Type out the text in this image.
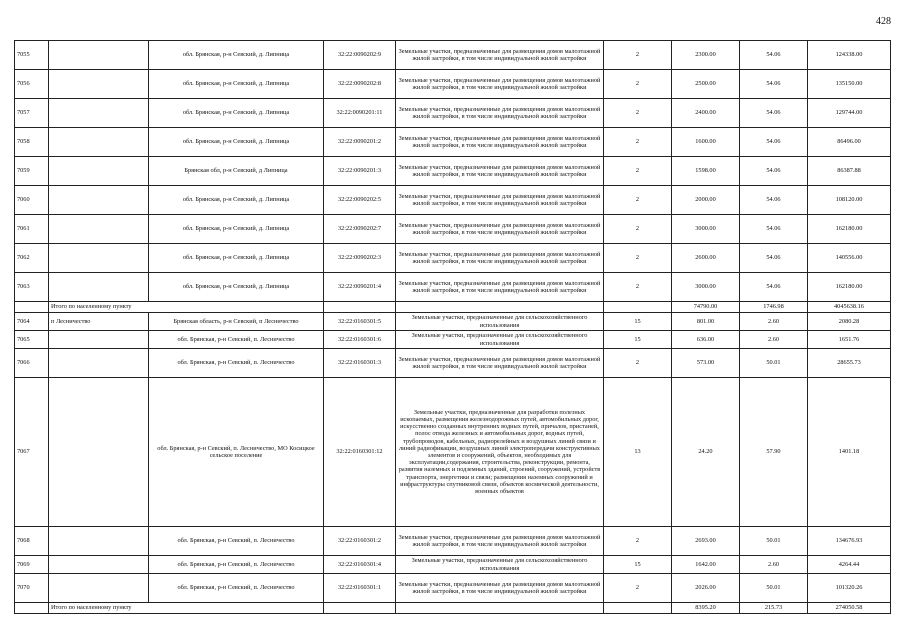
428
7055		обл. Брянская, р-н Севский, д. Липница	32:22:0090202:9	Земельные участки, предназначенные для размещения домов малоэтажной жилой застройки, в том числе индивидуальной жилой застройки	2	2300.00	54.06	124338.00
7056		обл. Брянская, р-н Севский, д. Липница	32:22:0090202:8	Земельные участки, предназначенные для размещения домов малоэтажной жилой застройки, в том числе индивидуальной жилой застройки	2	2500.00	54.06	135150.00
7057		обл. Брянская, р-н Севский, д. Липница	32:22:0090201:11	Земельные участки, предназначенные для размещения домов малоэтажной жилой застройки, в том числе индивидуальной жилой застройки	2	2400.00	54.06	129744.00
7058		обл. Брянская, р-н Севский, д. Липница	32:22:0090201:2	Земельные участки, предназначенные для размещения домов малоэтажной жилой застройки, в том числе индивидуальной жилой застройки	2	1600.00	54.06	86496.00
7059		Брянская обл, р-н Севский, д Липница	32:22:0090201:3	Земельные участки, предназначенные для размещения домов малоэтажной жилой застройки, в том числе индивидуальной жилой застройки	2	1598.00	54.06	86387.88
7060		обл. Брянская, р-н Севский, д. Липница	32:22:0090202:5	Земельные участки, предназначенные для размещения домов малоэтажной жилой застройки, в том числе индивидуальной жилой застройки	2	2000.00	54.06	108120.00
7061		обл. Брянская, р-н Севский, д. Липница	32:22:0090202:7	Земельные участки, предназначенные для размещения домов малоэтажной жилой застройки, в том числе индивидуальной жилой застройки	2	3000.00	54.06	162180.00
7062		обл. Брянская, р-н Севский, д. Липница	32:22:0090202:3	Земельные участки, предназначенные для размещения домов малоэтажной жилой застройки, в том числе индивидуальной жилой застройки	2	2600.00	54.06	140556.00
7063		обл. Брянская, р-н Севский, д. Липница	32:22:0090201:4	Земельные участки, предназначенные для размещения домов малоэтажной жилой застройки, в том числе индивидуальной жилой застройки	2	3000.00	54.06	162180.00
	Итого по населенному пункту					74790.00	1746.98	4045638.16
7064	п Лесничество	Брянская область, р-н Севский, п Лесничество	32:22:0160301:5	Земельные участки, предназначенные для сельскохозяйственного использования	15	801.00	2.60	2080.28
7065		обл. Брянская, р-н Севский, п. Лесничество	32:22:0160301:6	Земельные участки, предназначенные для сельскохозяйственного использования	15	636.00	2.60	1651.76
7066		обл. Брянская, р-н Севский, п. Лесничество	32:22:0160301:3	Земельные участки, предназначенные для размещения домов малоэтажной жилой застройки, в том числе индивидуальной жилой застройки	2	573.00	50.01	28655.73
7067		обл. Брянская, р-н Севский, п. Лесничество, МО Косицкое сельское поселение	32:22:0160301:12	Земельные участки, предназначенные для разработки полезных ископаемых, размещения железнодорожных путей, автомобильных дорог, искусственно созданных внутренних водных путей, причалов, пристаней, полос отвода железных и автомобильных дорог, водных путей, трубопроводов, кабельных, радиорелейных и воздушных линий связи и линий радиофикации, воздушных линий электропередачи конструктивных элементов и сооружений, объектов, необходимых для эксплуатации,содержания, строительства, реконструкции, ремонта, развития наземных и подземных зданий, строений, сооружений, устройств транспорта, энергетики и связи; размещения наземных сооружений и инфраструктуры спутниковой связи, объектов космической деятельности, военных объектов	13	24.20	57.90	1401.18
7068		обл. Брянская, р-н Севский, п. Лесничество	32:22:0160301:2	Земельные участки, предназначенные для размещения домов малоэтажной жилой застройки, в том числе индивидуальной жилой застройки	2	2693.00	50.01	134676.93
7069		обл. Брянская, р-н Севский, п. Лесничество	32:22:0160301:4	Земельные участки, предназначенные для сельскохозяйственного использования	15	1642.00	2.60	4264.44
7070		обл. Брянская, р-н Севский, п. Лесничество	32:22:0160301:1	Земельные участки, предназначенные для размещения домов малоэтажной жилой застройки, в том числе индивидуальной жилой застройки	2	2026.00	50.01	101320.26
	Итого по населенному пункту					8395.20	215.73	274050.58
